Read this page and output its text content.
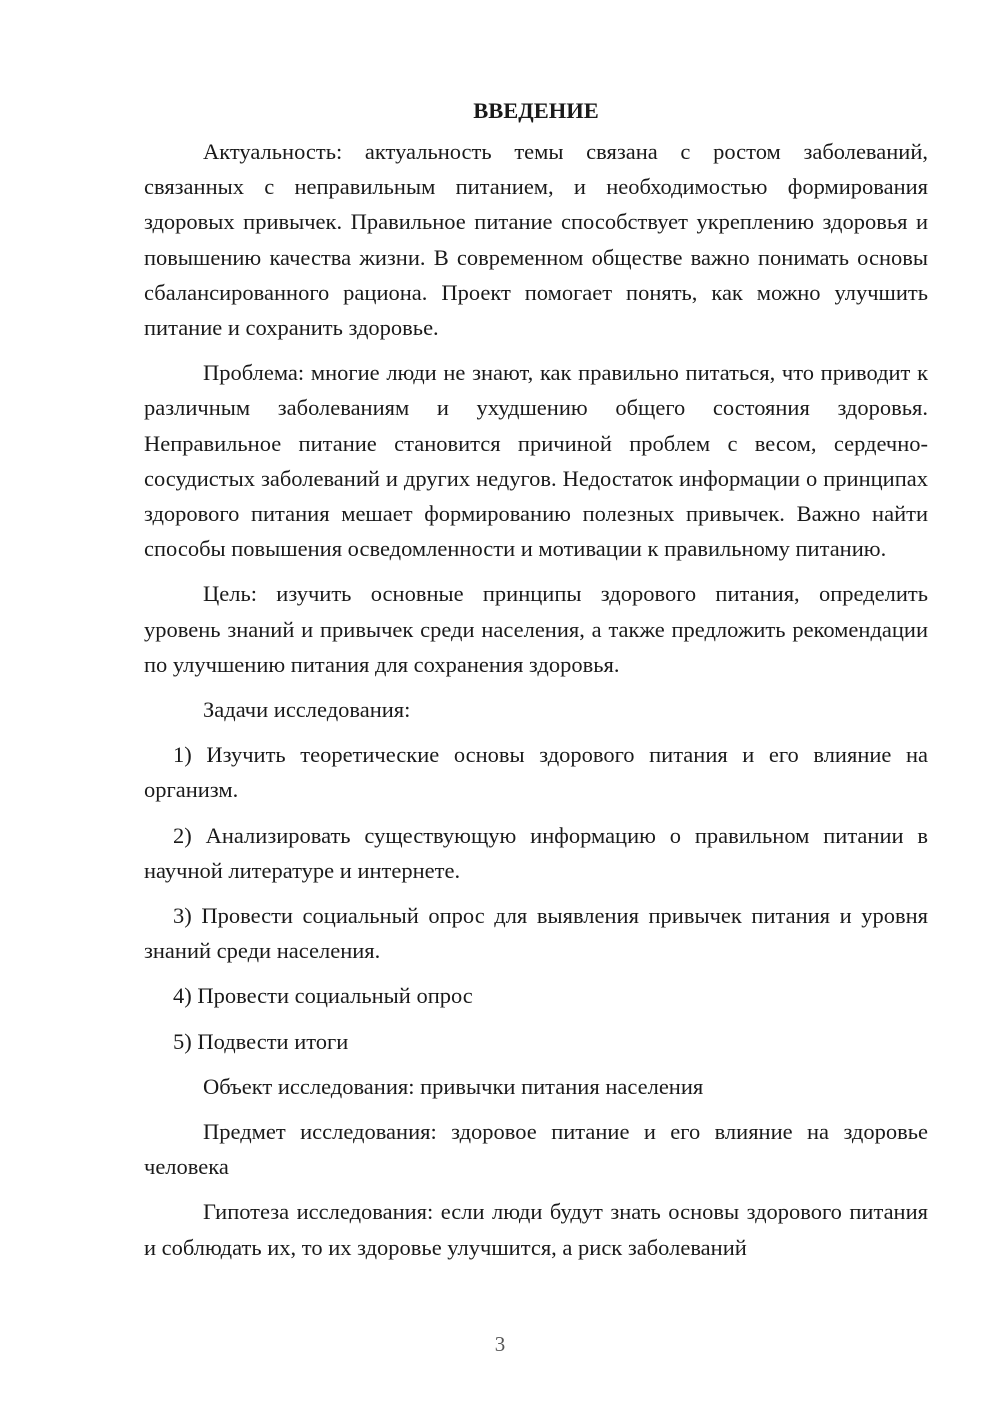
ВВЕДЕНИЕ

Актуальность: актуальность темы связана с ростом заболеваний, связанных с неправильным питанием, и необходимостью формирования здоровых привычек. Правильное питание способствует укреплению здоровья и повышению качества жизни. В современном обществе важно понимать основы сбалансированного рациона. Проект помогает понять, как можно улучшить питание и сохранить здоровье.

Проблема: многие люди не знают, как правильно питаться, что приводит к различным заболеваниям и ухудшению общего состояния здоровья. Неправильное питание становится причиной проблем с весом, сердечно-сосудистых заболеваний и других недугов. Недостаток информации о принципах здорового питания мешает формированию полезных привычек. Важно найти способы повышения осведомленности и мотивации к правильному питанию.

Цель: изучить основные принципы здорового питания, определить уровень знаний и привычек среди населения, а также предложить рекомендации по улучшению питания для сохранения здоровья.

Задачи исследования:

1) Изучить теоретические основы здорового питания и его влияние на организм.

2) Анализировать существующую информацию о правильном питании в научной литературе и интернете.

3) Провести социальный опрос для выявления привычек питания и уровня знаний среди населения.

4) Провести социальный опрос

5) Подвести итоги

Объект исследования: привычки питания населения

Предмет исследования: здоровое питание и его влияние на здоровье человека

Гипотеза исследования: если люди будут знать основы здорового питания и соблюдать их, то их здоровье улучшится, а риск заболеваний

3
